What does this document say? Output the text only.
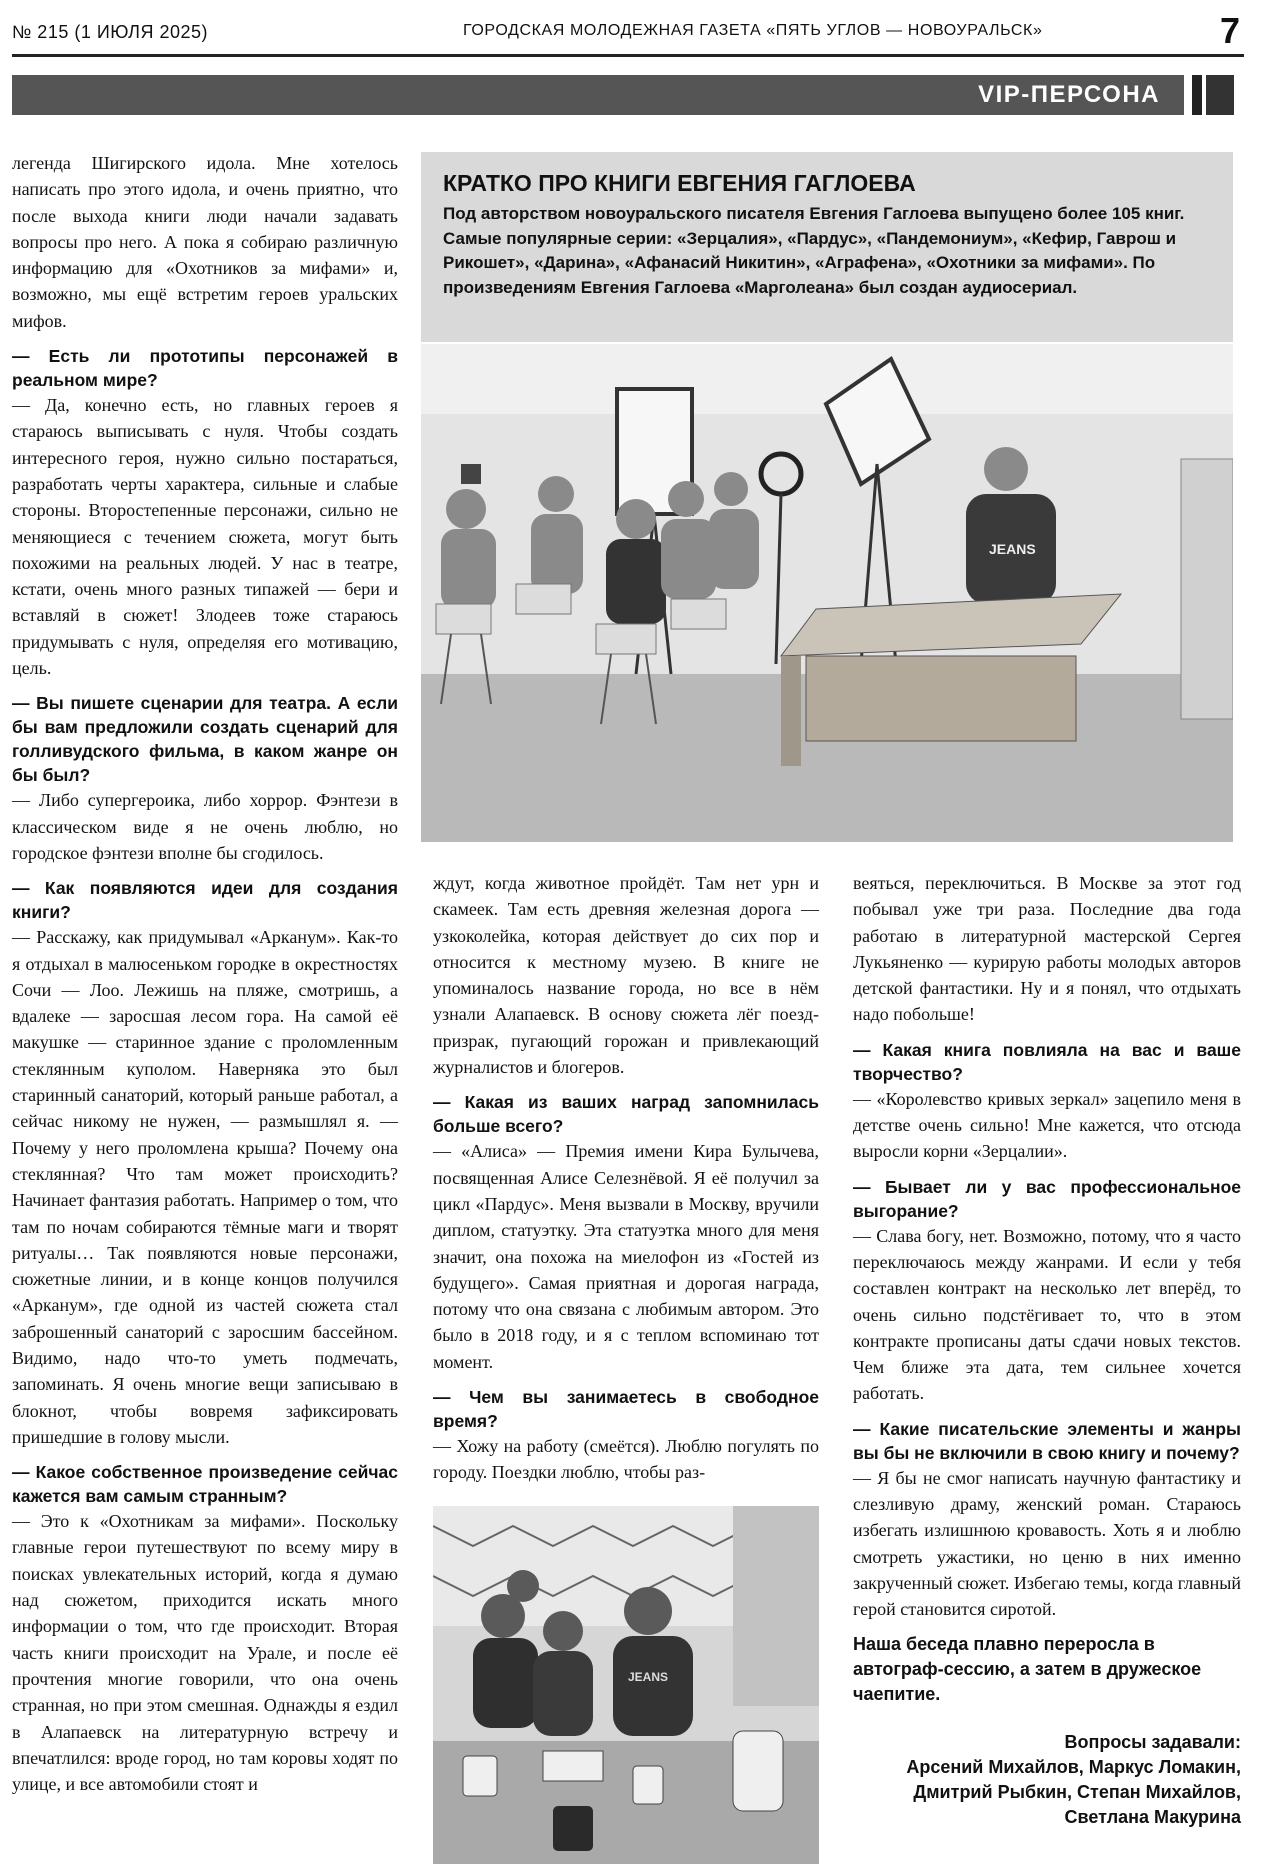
№ 215 (1 ИЮЛЯ 2025)	ГОРОДСКАЯ МОЛОДЕЖНАЯ ГАЗЕТА «ПЯТЬ УГЛОВ — НОВОУРАЛЬСК»	7
VIP-ПЕРСОНА

легенда Шигирского идола. Мне хотелось написать про этого идола, и очень приятно, что после выхода книги люди начали задавать вопросы про него. А пока я собираю различную информацию для «Охотников за мифами» и, возможно, мы ещё встретим героев уральских мифов.

— Есть ли прототипы персонажей в реальном мире?

— Да, конечно есть, но главных героев я стараюсь выписывать с нуля. Чтобы создать интересного героя, нужно сильно постараться, разработать черты характера, сильные и слабые стороны. Второстепенные персонажи, сильно не меняющиеся с течением сюжета, могут быть похожими на реальных людей. У нас в театре, кстати, очень много разных типажей — бери и вставляй в сюжет! Злодеев тоже стараюсь придумывать с нуля, определяя его мотивацию, цель.

— Вы пишете сценарии для театра. А если бы вам предложили создать сценарий для голливудского фильма, в каком жанре он бы был?

— Либо супергероика, либо хоррор. Фэнтези в классическом виде я не очень люблю, но городское фэнтези вполне бы сгодилось.

— Как появляются идеи для создания книги?

— Расскажу, как придумывал «Арканум». Как-то я отдыхал в малюсеньком городке в окрестностях Сочи — Лоо. Лежишь на пляже, смотришь, а вдалеке — заросшая лесом гора. На самой её макушке — старинное здание с проломленным стеклянным куполом. Наверняка это был старинный санаторий, который раньше работал, а сейчас никому не нужен, — размышлял я. — Почему у него проломлена крыша? Почему она стеклянная? Что там может происходить? Начинает фантазия работать. Например о том, что там по ночам собираются тёмные маги и творят ритуалы… Так появляются новые персонажи, сюжетные линии, и в конце концов получился «Арканум», где одной из частей сюжета стал заброшенный санаторий с заросшим бассейном. Видимо, надо что-то уметь подмечать, запоминать. Я очень многие вещи записываю в блокнот, чтобы вовремя зафиксировать пришедшие в голову мысли.

— Какое собственное произведение сейчас кажется вам самым странным?

— Это к «Охотникам за мифами». Поскольку главные герои путешествуют по всему миру в поисках увлекательных историй, когда я думаю над сюжетом, приходится искать много информации о том, что где происходит. Вторая часть книги происходит на Урале, и после её прочтения многие говорили, что она очень странная, но при этом смешная. Однажды я ездил в Алапаевск на литературную встречу и впечатлился: вроде город, но там коровы ходят по улице, и все автомобили стоят и

КРАТКО ПРО КНИГИ ЕВГЕНИЯ ГАГЛОЕВА
Под авторством новоуральского писателя Евгения Гаглоева выпущено более 105 книг. Самые популярные серии: «Зерцалия», «Пардус», «Пандемониум», «Кефир, Гаврош и Рикошет», «Дарина», «Афанасий Никитин», «Аграфена», «Охотники за мифами». По произведениям Евгения Гаглоева «Марголеана» был создан аудиосериал.
JEANS

ждут, когда животное пройдёт. Там нет урн и скамеек. Там есть древняя железная дорога — узкоколейка, которая действует до сих пор и относится к местному музею. В книге не упоминалось название города, но все в нём узнали Алапаевск. В основу сюжета лёг поезд-призрак, пугающий горожан и привлекающий журналистов и блогеров.

— Какая из ваших наград запомнилась больше всего?

— «Алиса» — Премия имени Кира Булычева, посвященная Алисе Селезнёвой. Я её получил за цикл «Пардус». Меня вызвали в Москву, вручили диплом, статуэтку. Эта статуэтка много для меня значит, она похожа на миелофон из «Гостей из будущего». Самая приятная и дорогая награда, потому что она связана с любимым автором. Это было в 2018 году, и я с теплом вспоминаю тот момент.

— Чем вы занимаетесь в свободное время?

— Хожу на работу (смеётся). Люблю погулять по городу. Поездки люблю, чтобы раз-

JEANS

веяться, переключиться. В Москве за этот год побывал уже три раза. Последние два года работаю в литературной мастерской Сергея Лукьяненко — курирую работы молодых авторов детской фантастики. Ну и я понял, что отдыхать надо побольше!

— Какая книга повлияла на вас и ваше творчество?

— «Королевство кривых зеркал» зацепило меня в детстве очень сильно! Мне кажется, что отсюда выросли корни «Зерцалии».

— Бывает ли у вас профессиональное выгорание?

— Слава богу, нет. Возможно, потому, что я часто переключаюсь между жанрами. И если у тебя составлен контракт на несколько лет вперёд, то очень сильно подстёгивает то, что в этом контракте прописаны даты сдачи новых текстов. Чем ближе эта дата, тем сильнее хочется работать.

— Какие писательские элементы и жанры вы бы не включили в свою книгу и почему?

— Я бы не смог написать научную фантастику и слезливую драму, женский роман. Стараюсь избегать излишнюю кровавость. Хоть я и люблю смотреть ужастики, но ценю в них именно закрученный сюжет. Избегаю темы, когда главный герой становится сиротой.

Наша беседа плавно переросла в автограф-сессию, а затем в дружеское чаепитие.
Вопросы задавали:
Арсений Михайлов, Маркус Ломакин,
Дмитрий Рыбкин, Степан Михайлов,
Светлана Макурина
